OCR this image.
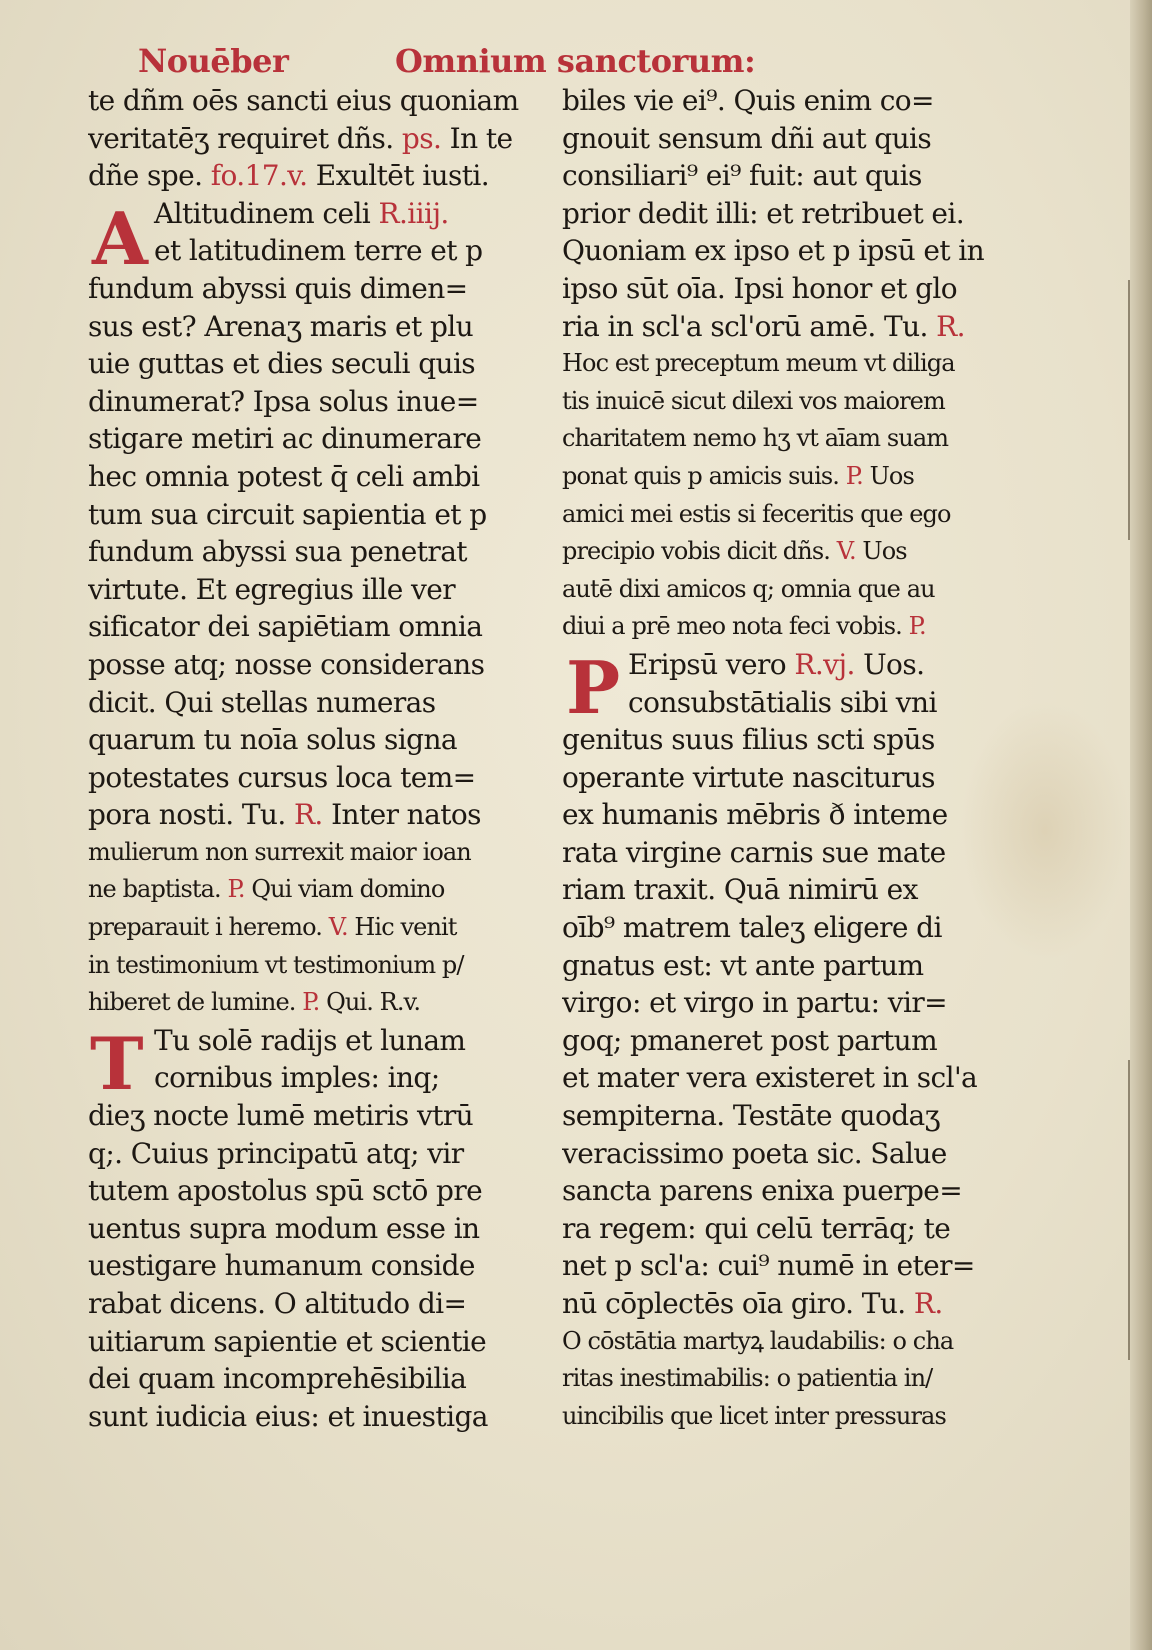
Nouēber	Omnium sanctorum:
A
P
T
te dñm oēs sancti eius quoniam
veritatēʒ requiret dñs. ps. In te
dñe spe. fo.17.v. Exultēt iusti.
Altitudinem celi R.iiij.
et latitudinem terre et p
fundum abyssi quis dimen=
sus est? Arenaʒ maris et plu
uie guttas et dies seculi quis
dinumerat? Ipsa solus inue=
stigare metiri ac dinumerare
hec omnia potest q̄ celi ambi
tum sua circuit sapientia et p
fundum abyssi sua penetrat
virtute. Et egregius ille ver
sificator dei sapiētiam omnia
posse atq; nosse considerans
dicit. Qui stellas numeras
quarum tu noīa solus signa
potestates cursus loca tem=
pora nosti. Tu. R. Inter natos
mulierum non surrexit maior ioan
ne baptista. P. Qui viam domino
preparauit i heremo. V. Hic venit
in testimonium vt testimonium p/
hiberet de lumine. P. Qui. R.v.
Tu solē radijs et lunam
cornibus imples: inq;
dieʒ nocte lumē metiris vtrū
q;. Cuius principatū atq; vir
tutem apostolus spū sctō pre
uentus supra modum esse in
uestigare humanum conside
rabat dicens. O altitudo di=
uitiarum sapientie et scientie
dei quam incomprehēsibilia
sunt iudicia eius: et inuestiga
biles vie ei⁹. Quis enim co=
gnouit sensum dñi aut quis
consiliari⁹ ei⁹ fuit: aut quis
prior dedit illi: et retribuet ei.
Quoniam ex ipso et p ipsū et in
ipso sūt oīa. Ipsi honor et glo
ria in scl'a scl'orū amē. Tu. R.
Hoc est preceptum meum vt diliga
tis inuicē sicut dilexi vos maiorem
charitatem nemo hʒ vt aīam suam
ponat quis p amicis suis. P. Uos
amici mei estis si feceritis que ego
precipio vobis dicit dñs. V. Uos
autē dixi amicos q; omnia que au
diui a prē meo nota feci vobis. P.
Eripsū vero R.vj. Uos.
consubstātialis sibi vni
genitus suus filius scti spūs
operante virtute nasciturus
ex humanis mēbris ð inteme
rata virgine carnis sue mate
riam traxit. Quā nimirū ex
oīb⁹ matrem taleʒ eligere di
gnatus est: vt ante partum
virgo: et virgo in partu: vir=
goq; pmaneret post partum
et mater vera existeret in scl'a
sempiterna. Testāte quodaʒ
veracissimo poeta sic. Salue
sancta parens enixa puerpe=
ra regem: qui celū terrāq; te
net p scl'a: cui⁹ numē in eter=
nū cōplectēs oīa giro. Tu. R.
O cōstātia martyꝝ laudabilis: o cha
ritas inestimabilis: o patientia in/
uincibilis que licet inter pressuras
